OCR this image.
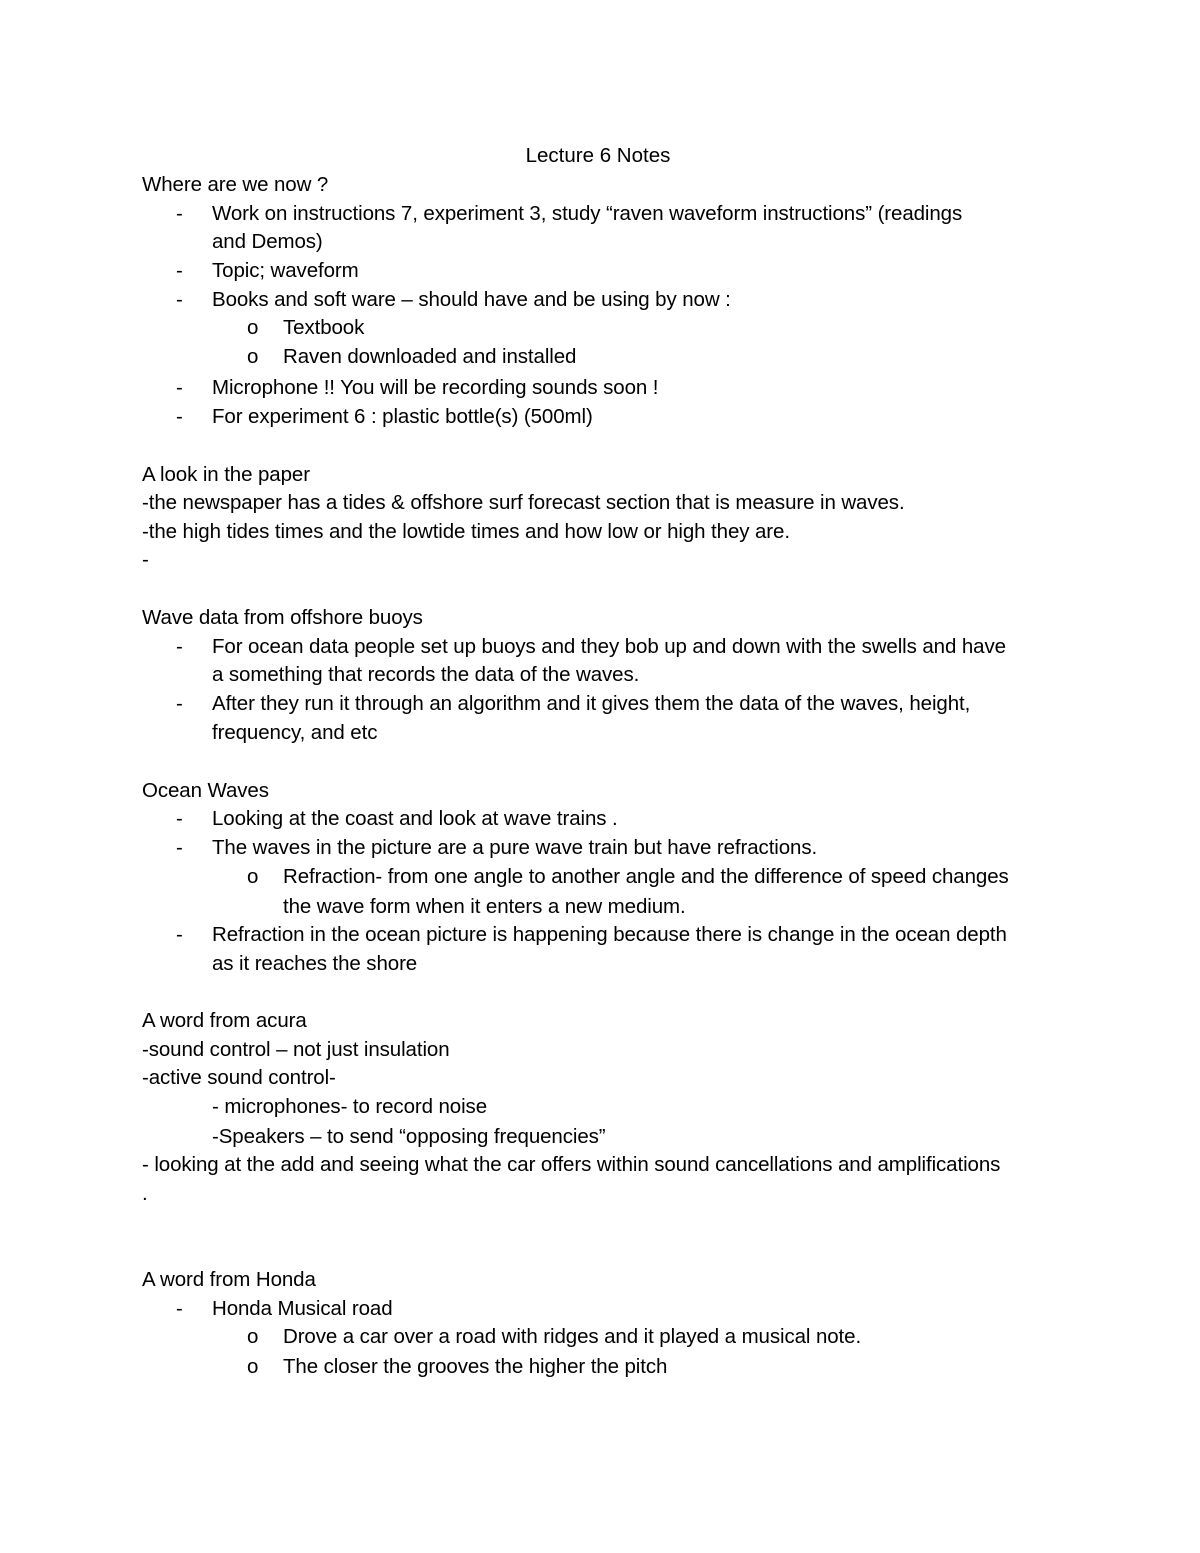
Lecture 6 Notes
Where are we now ?
- Work on instructions 7, experiment 3, study “raven waveform instructions” (readings
and Demos)
- Topic; waveform
- Books and soft ware – should have and be using by now :
o Textbook
o Raven downloaded and installed
- Microphone !! You will be recording sounds soon !
- For experiment 6 : plastic bottle(s) (500ml)
A look in the paper
-the newspaper has a tides & offshore surf forecast section that is measure in waves.
-the high tides times and the lowtide times and how low or high they are.
-
Wave data from offshore buoys
- For ocean data people set up buoys and they bob up and down with the swells and have
a something that records the data of the waves.
- After they run it through an algorithm and it gives them the data of the waves, height,
frequency, and etc
Ocean Waves
- Looking at the coast and look at wave trains .
- The waves in the picture are a pure wave train but have refractions.
o Refraction- from one angle to another angle and the difference of speed changes
the wave form when it enters a new medium.
- Refraction in the ocean picture is happening because there is change in the ocean depth
as it reaches the shore
A word from acura
-sound control – not just insulation
-active sound control-
- microphones- to record noise
-Speakers – to send “opposing frequencies”
- looking at the add and seeing what the car offers within sound cancellations and amplifications
.
A word from Honda
- Honda Musical road
o Drove a car over a road with ridges and it played a musical note.
o The closer the grooves the higher the pitch
